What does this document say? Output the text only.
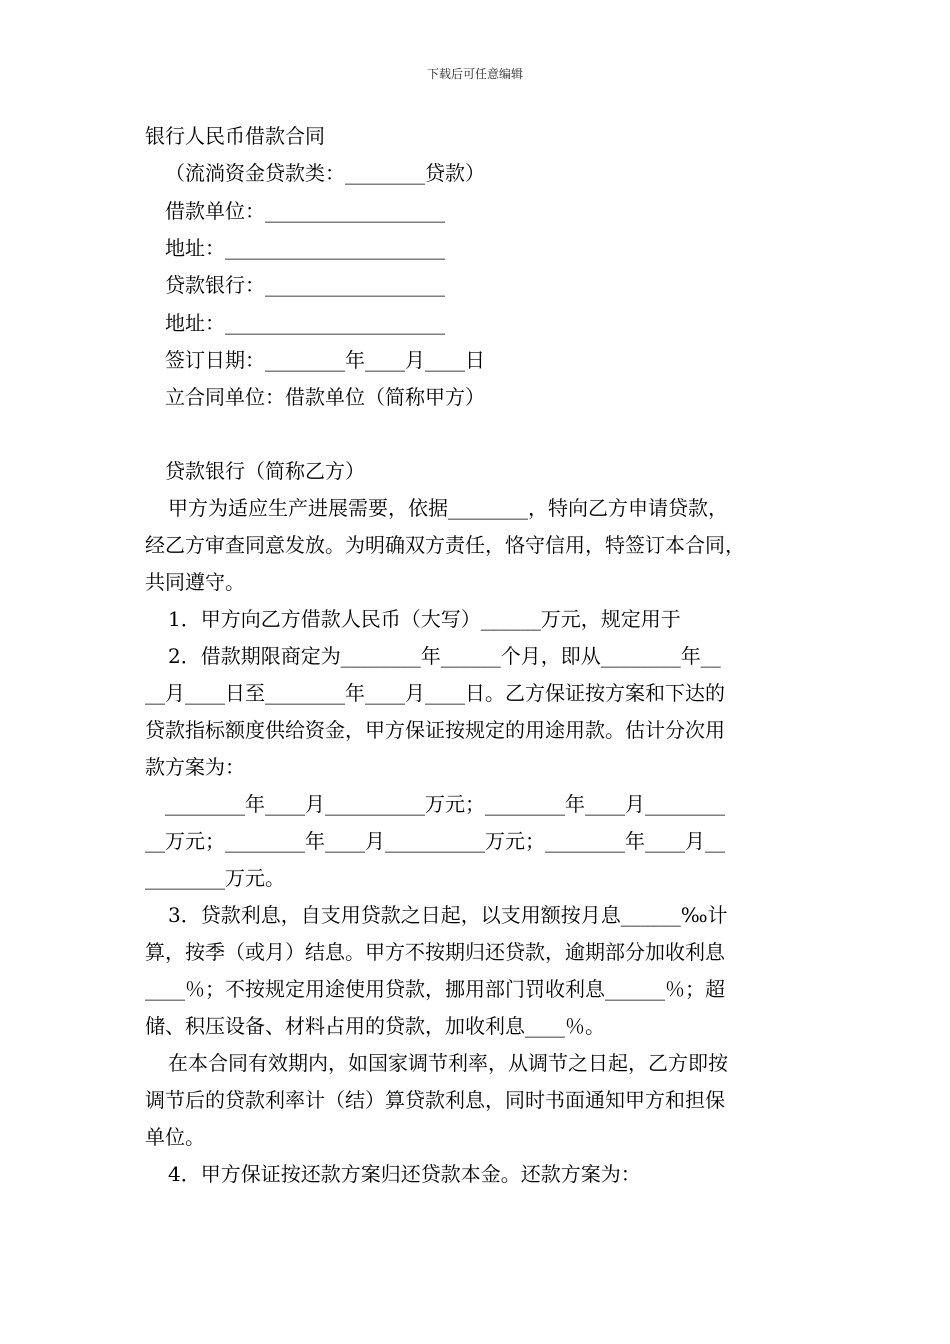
下载后可任意编辑
银行人民币借款合同
（流淌资金贷款类：________贷款）
借款单位：__________________
地址：______________________
贷款银行：__________________
地址：______________________
签订日期：________年____月____日
立合同单位：借款单位（简称甲方）
贷款银行（简称乙方）
甲方为适应生产进展需要，依据________，特向乙方申请贷款，
经乙方审查同意发放。为明确双方责任，恪守信用，特签订本合同，
共同遵守。
1．甲方向乙方借款人民币（大写）______万元，规定用于
2．借款期限商定为________年______个月，即从________年__
__月____日至________年____月____日。乙方保证按方案和下达的
贷款指标额度供给资金，甲方保证按规定的用途用款。估计分次用
款方案为：
________年____月__________万元；________年____月________
__万元；________年____月__________万元；________年____月__
________万元。
3．贷款利息，自支用贷款之日起，以支用额按月息______‰计
算，按季（或月）结息。甲方不按期归还贷款，逾期部分加收利息
____％；不按规定用途使用贷款，挪用部门罚收利息______％；超
储、积压设备、材料占用的贷款，加收利息____％。
在本合同有效期内，如国家调节利率，从调节之日起，乙方即按
调节后的贷款利率计（结）算贷款利息，同时书面通知甲方和担保
单位。
4．甲方保证按还款方案归还贷款本金。还款方案为：
